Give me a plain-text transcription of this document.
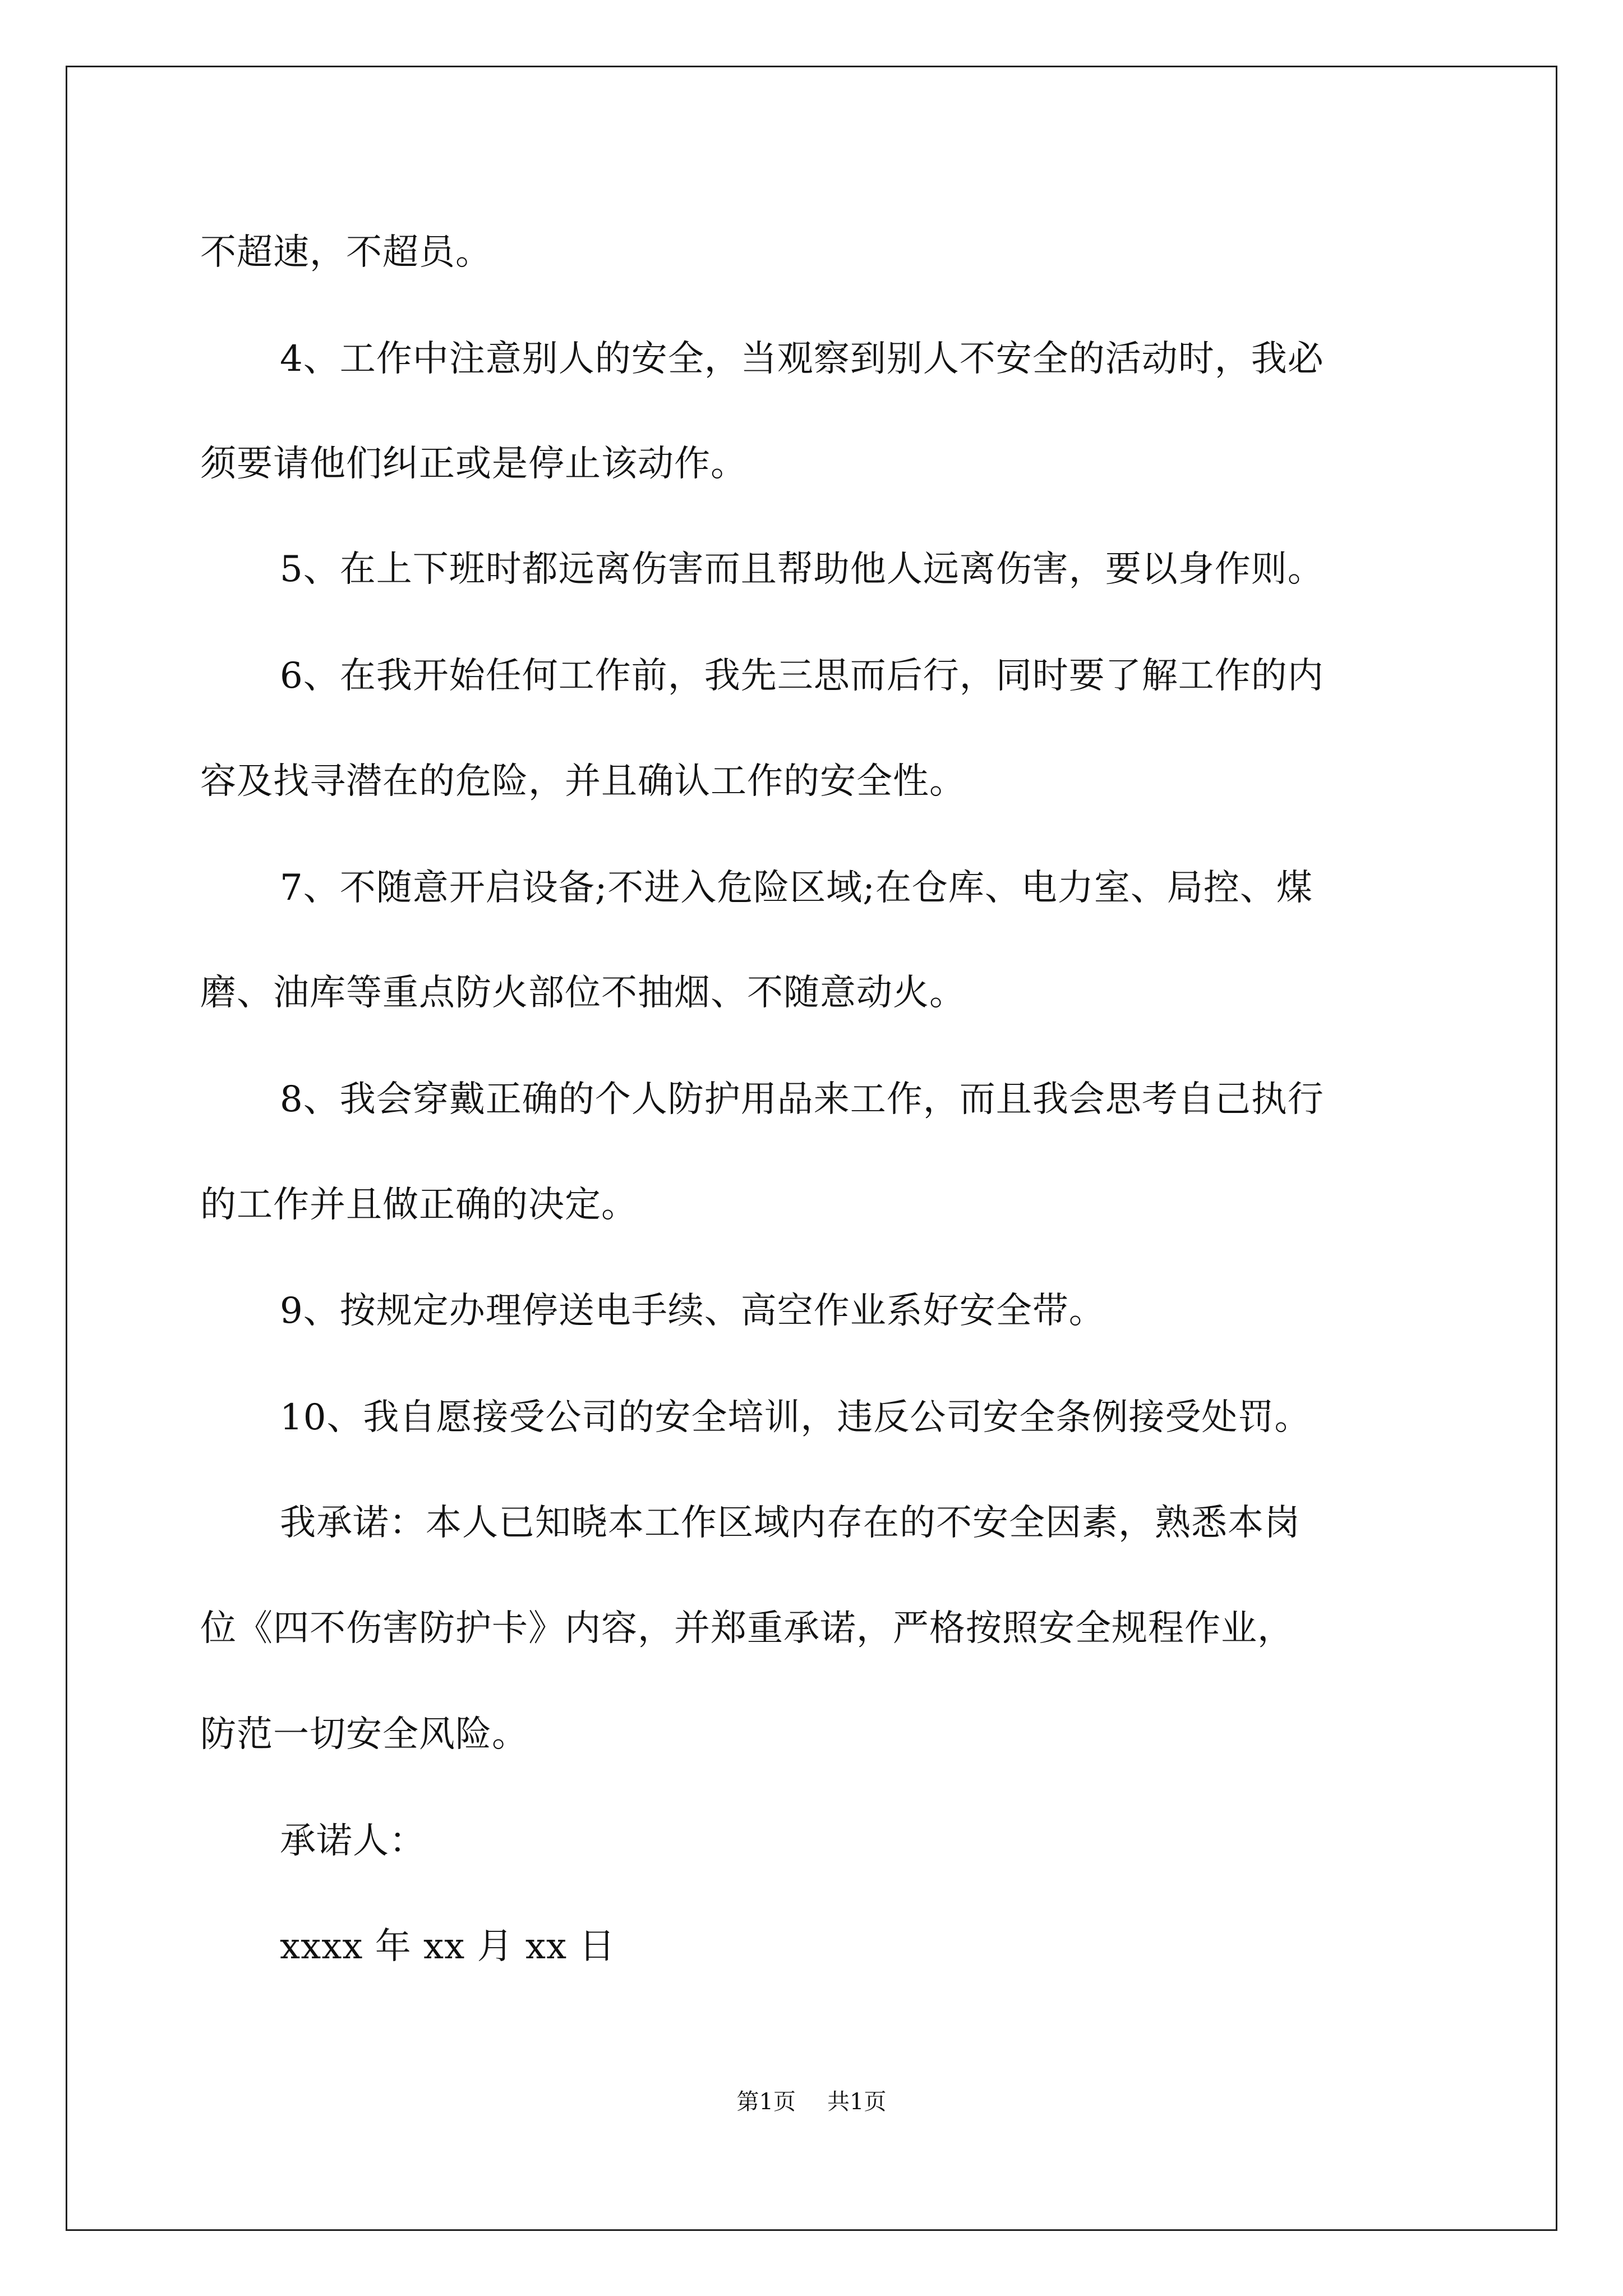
不超速，不超员。
4、工作中注意别人的安全，当观察到别人不安全的活动时，我必
须要请他们纠正或是停止该动作。
5、在上下班时都远离伤害而且帮助他人远离伤害，要以身作则。
6、在我开始任何工作前，我先三思而后行，同时要了解工作的内
容及找寻潜在的危险，并且确认工作的安全性。
7、不随意开启设备;不进入危险区域;在仓库、电力室、局控、煤
磨、油库等重点防火部位不抽烟、不随意动火。
8、我会穿戴正确的个人防护用品来工作，而且我会思考自己执行
的工作并且做正确的决定。
9、按规定办理停送电手续、高空作业系好安全带。
10、我自愿接受公司的安全培训，违反公司安全条例接受处罚。
我承诺：本人已知晓本工作区域内存在的不安全因素，熟悉本岗
位《四不伤害防护卡》内容，并郑重承诺，严格按照安全规程作业，
防范一切安全风险。
承诺人：
xxxx 年 xx 月 xx 日
第1页 共1页
